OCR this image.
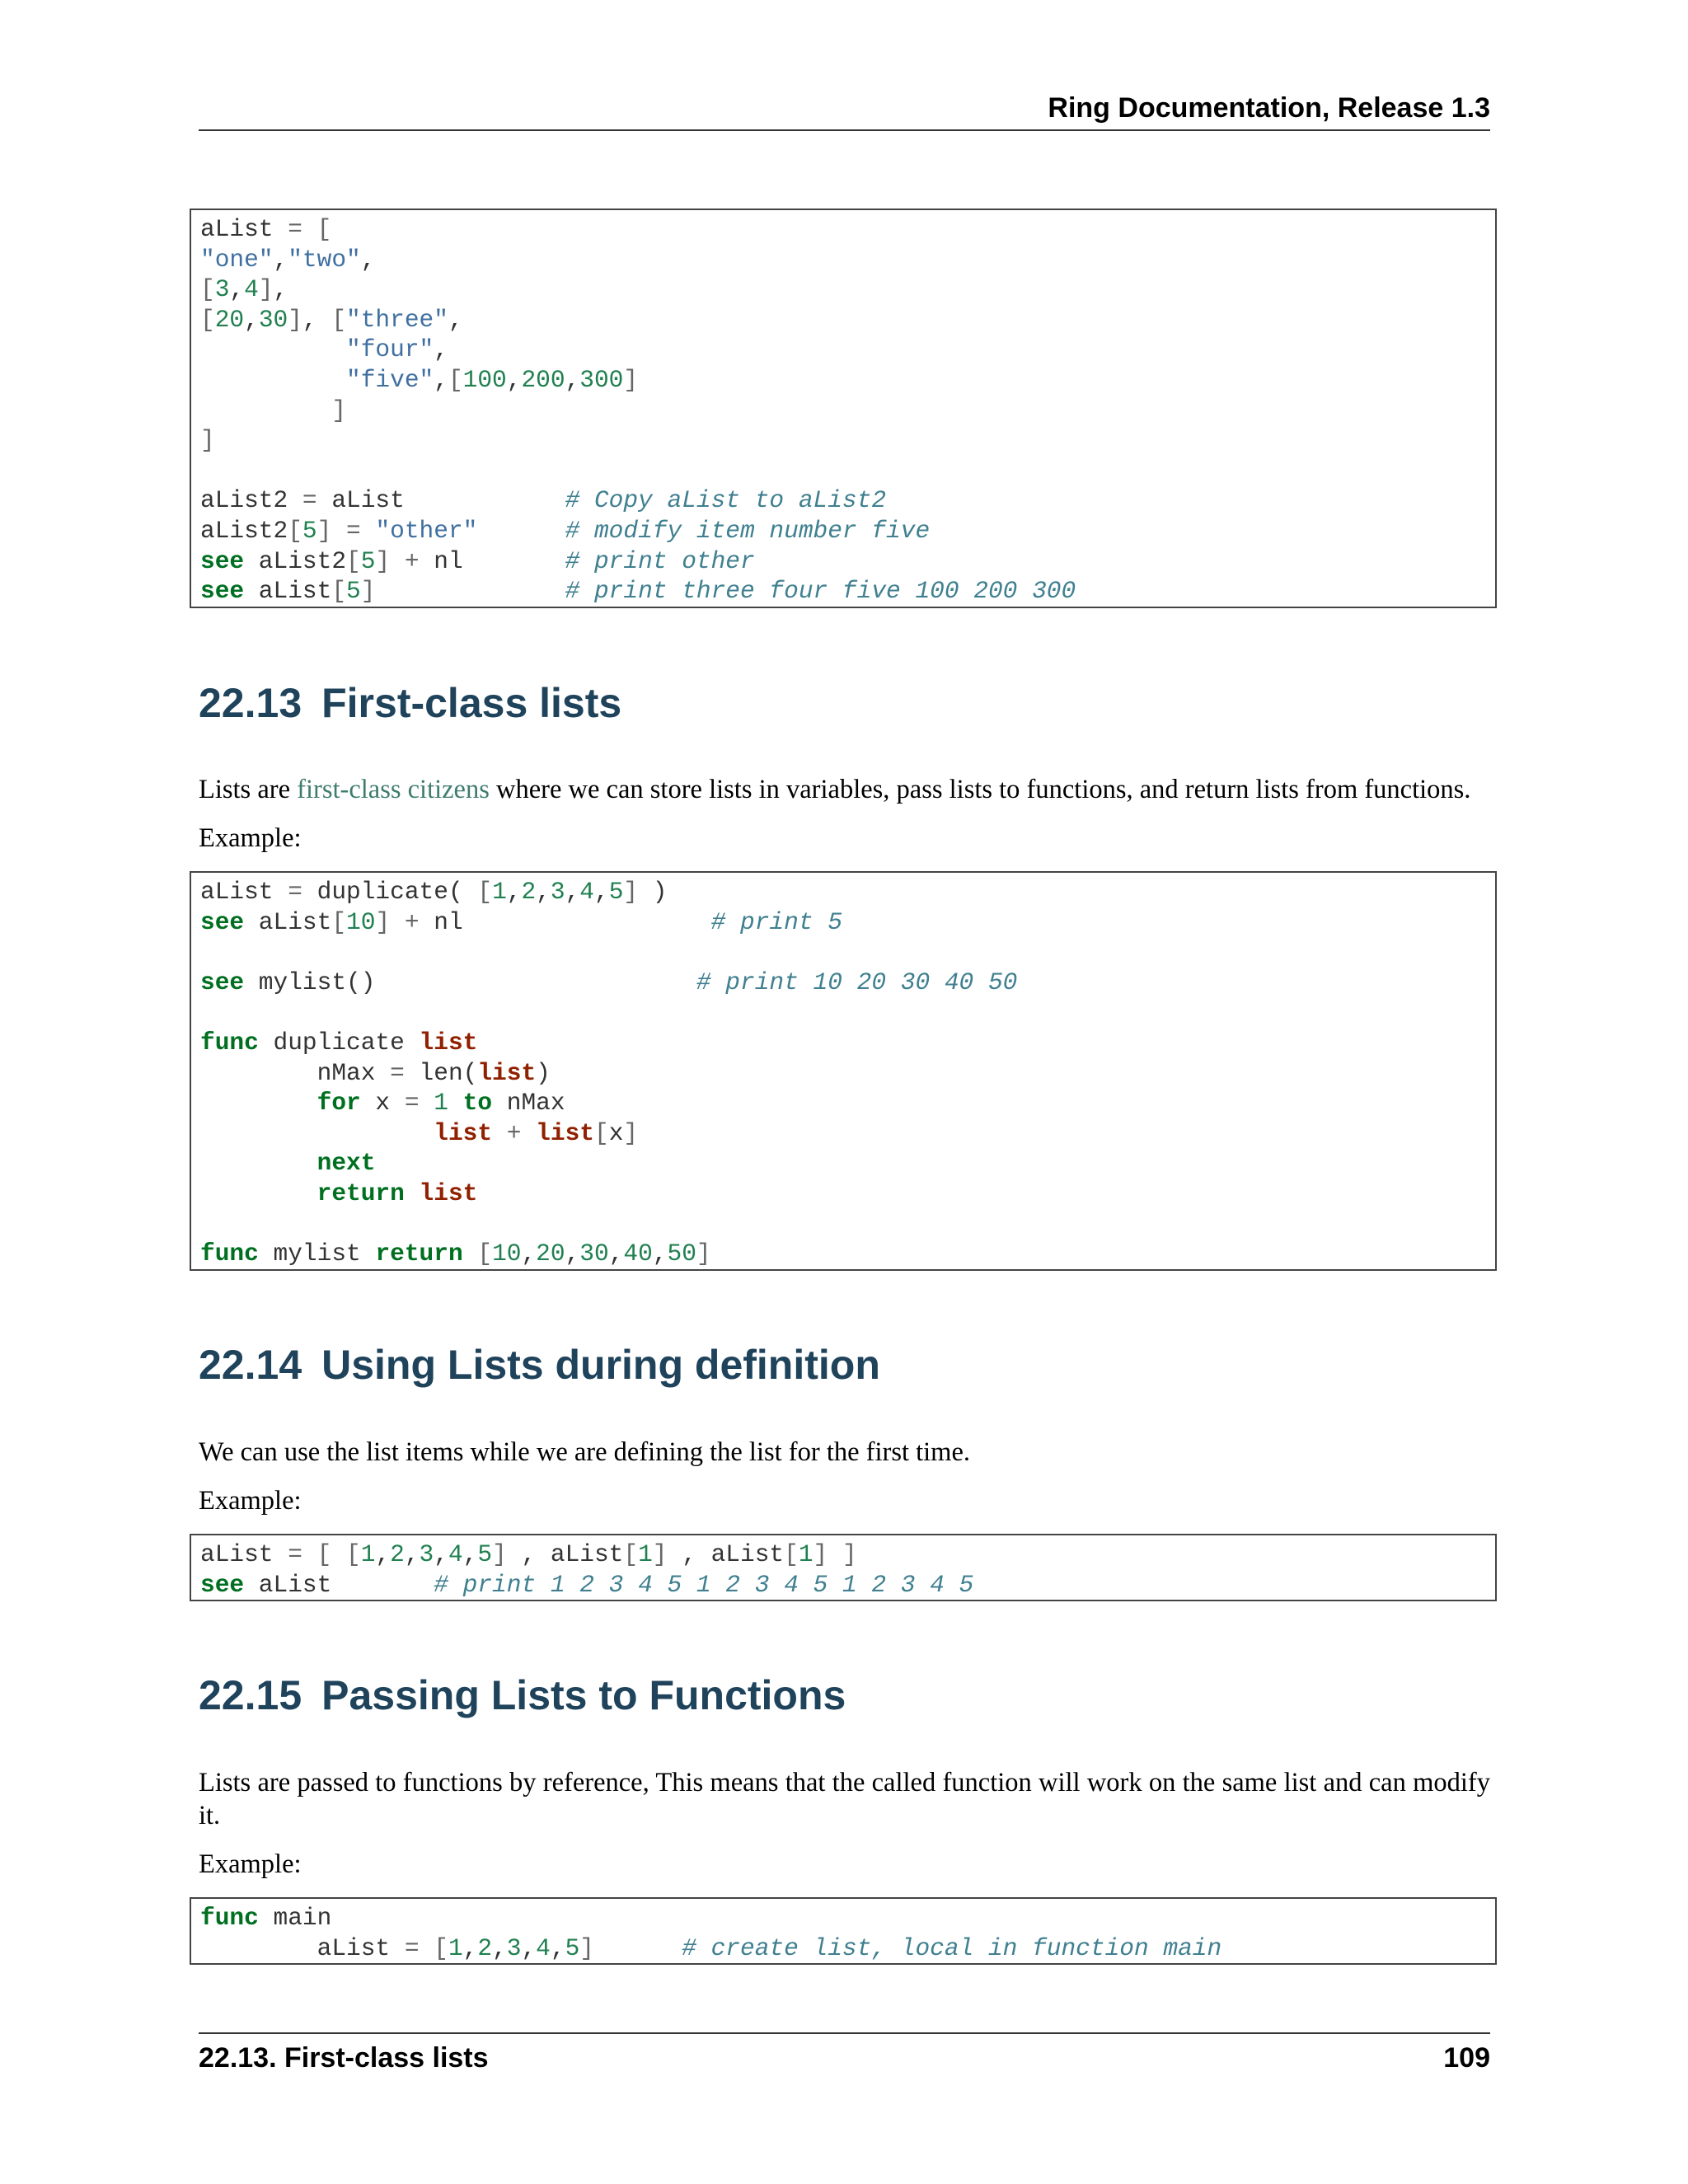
Ring Documentation, Release 1.3
aList = [
"one","two",
[3,4],
[20,30], ["three",
"four",
"five",[100,200,300]
]
]
aList2 = aList           # Copy aList to aList2
aList2[5] = "other"	# modify item number five
see aList2[5] + nl       # print other
see aList[5]	# print three four five 100 200 300
22.13 First-class lists

Lists are first-class citizens where we can store lists in variables, pass lists to functions, and return lists from functions.

Example:

aList = duplicate( [1,2,3,4,5] )
see aList[10] + nl                 # print 5
see mylist()                      # print 10 20 30 40 50
func duplicate list
nMax = len(list)
for x = 1 to nMax
list + list[x]
next
return list
func mylist return [10,20,30,40,50]
22.14 Using Lists during definition

We can use the list items while we are defining the list for the first time.

Example:

aList = [ [1,2,3,4,5] , aList[1] , aList[1] ]
see aList       # print 1 2 3 4 5 1 2 3 4 5 1 2 3 4 5
22.15 Passing Lists to Functions

Lists are passed to functions by reference, This means that the called function will work on the same list and can modify it.

Example:

func main
aList = [1,2,3,4,5]	# create list, local in function main
22.13. First-class lists	109
